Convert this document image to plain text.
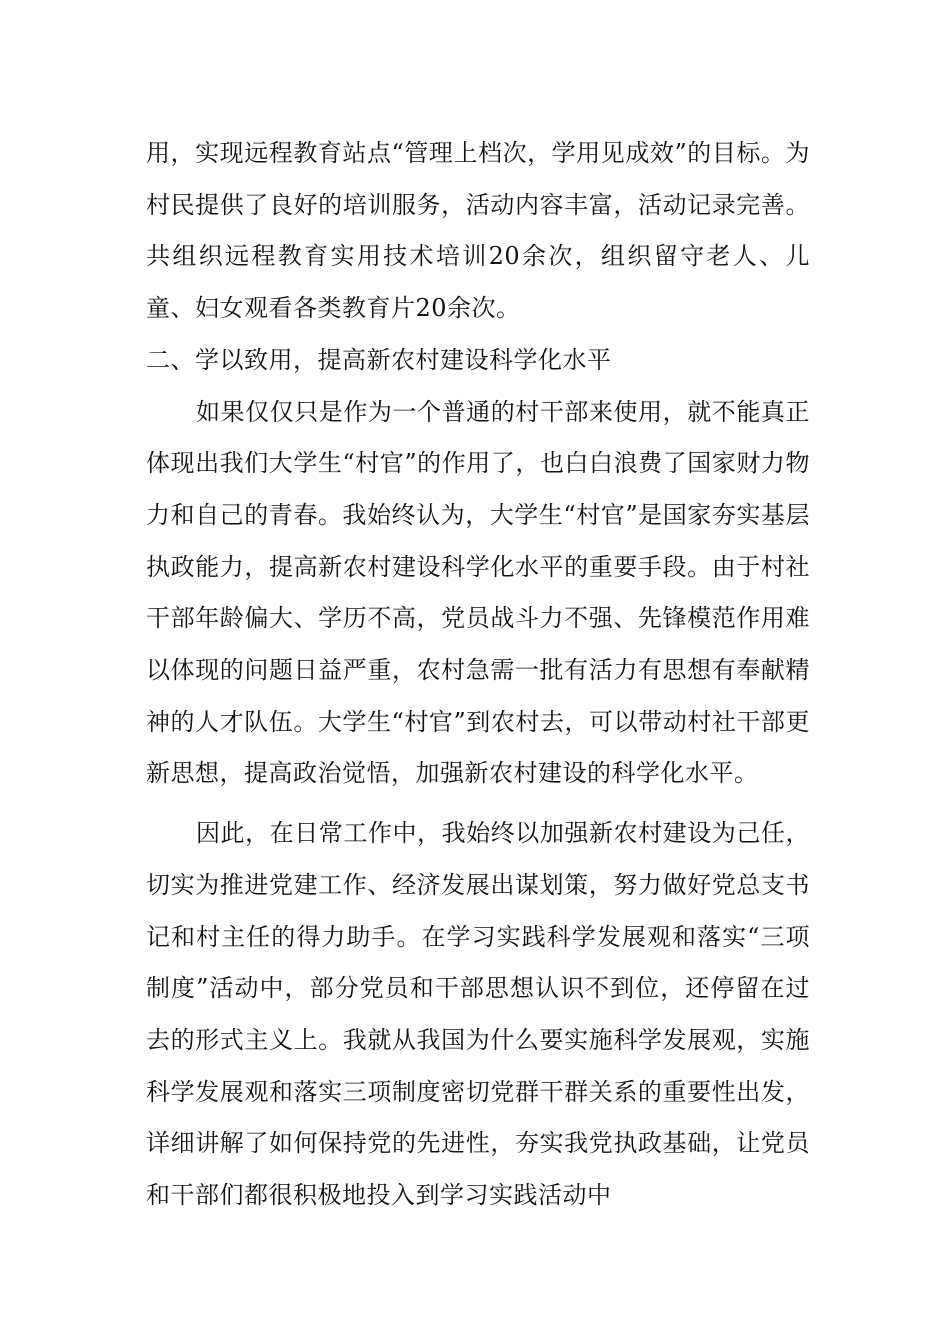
用，实现远程教育站点“管理上档次，学用见成效”的目标。为村民提供了良好的培训服务，活动内容丰富，活动记录完善。共组织远程教育实用技术培训20余次，组织留守老人、儿童、妇女观看各类教育片20余次。

二、学以致用，提高新农村建设科学化水平

如果仅仅只是作为一个普通的村干部来使用，就不能真正体现出我们大学生“村官”的作用了，也白白浪费了国家财力物力和自己的青春。我始终认为，大学生“村官”是国家夯实基层执政能力，提高新农村建设科学化水平的重要手段。由于村社干部年龄偏大、学历不高，党员战斗力不强、先锋模范作用难以体现的问题日益严重，农村急需一批有活力有思想有奉献精神的人才队伍。大学生“村官”到农村去，可以带动村社干部更新思想，提高政治觉悟，加强新农村建设的科学化水平。

因此，在日常工作中，我始终以加强新农村建设为己任，切实为推进党建工作、经济发展出谋划策，努力做好党总支书记和村主任的得力助手。在学习实践科学发展观和落实“三项制度”活动中，部分党员和干部思想认识不到位，还停留在过去的形式主义上。我就从我国为什么要实施科学发展观，实施科学发展观和落实三项制度密切党群干群关系的重要性出发，详细讲解了如何保持党的先进性，夯实我党执政基础，让党员和干部们都很积极地投入到学习实践活动中
